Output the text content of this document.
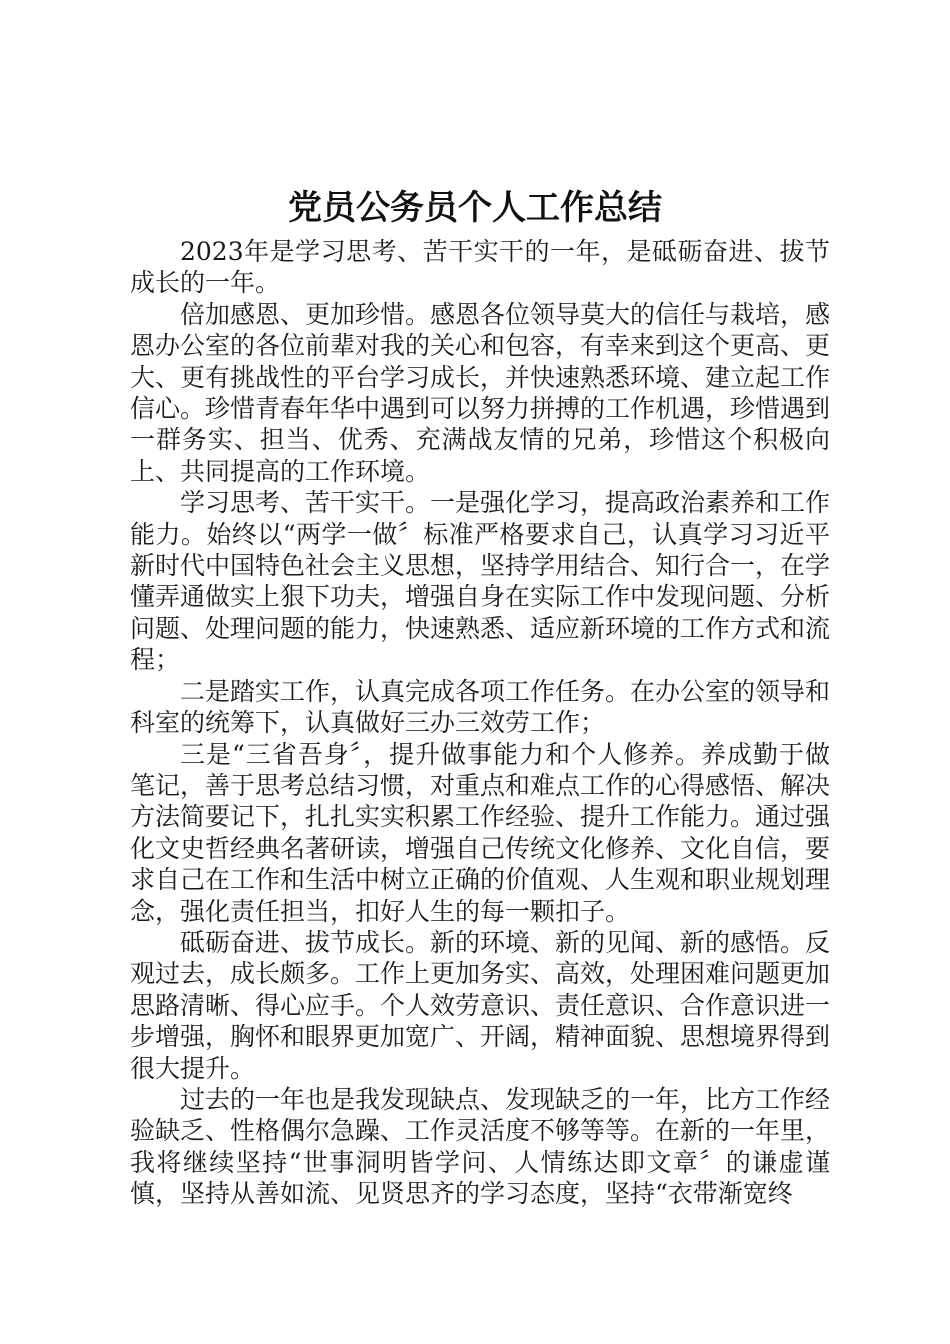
党员公务员个人工作总结

2023年是学习思考、苦干实干的一年，是砥砺奋进、拔节成长的一年。

倍加感恩、更加珍惜。感恩各位领导莫大的信任与栽培，感恩办公室的各位前辈对我的关心和包容，有幸来到这个更高、更大、更有挑战性的平台学习成长，并快速熟悉环境、建立起工作信心。珍惜青春年华中遇到可以努力拼搏的工作机遇，珍惜遇到一群务实、担当、优秀、充满战友情的兄弟，珍惜这个积极向上、共同提高的工作环境。

学习思考、苦干实干。一是强化学习，提高政治素养和工作能力。始终以“两学一做〞标准严格要求自己，认真学习习近平新时代中国特色社会主义思想，坚持学用结合、知行合一，在学懂弄通做实上狠下功夫，增强自身在实际工作中发现问题、分析问题、处理问题的能力，快速熟悉、适应新环境的工作方式和流程；

二是踏实工作，认真完成各项工作任务。在办公室的领导和科室的统筹下，认真做好三办三效劳工作；

三是“三省吾身〞，提升做事能力和个人修养。养成勤于做笔记，善于思考总结习惯，对重点和难点工作的心得感悟、解决方法简要记下，扎扎实实积累工作经验、提升工作能力。通过强化文史哲经典名著研读，增强自己传统文化修养、文化自信，要求自己在工作和生活中树立正确的价值观、人生观和职业规划理念，强化责任担当，扣好人生的每一颗扣子。

砥砺奋进、拔节成长。新的环境、新的见闻、新的感悟。反观过去，成长颇多。工作上更加务实、高效，处理困难问题更加思路清晰、得心应手。个人效劳意识、责任意识、合作意识进一步增强，胸怀和眼界更加宽广、开阔，精神面貌、思想境界得到很大提升。

过去的一年也是我发现缺点、发现缺乏的一年，比方工作经验缺乏、性格偶尔急躁、工作灵活度不够等等。在新的一年里，我将继续坚持“世事洞明皆学问、人情练达即文章〞的谦虚谨慎，坚持从善如流、见贤思齐的学习态度，坚持“衣带渐宽终
